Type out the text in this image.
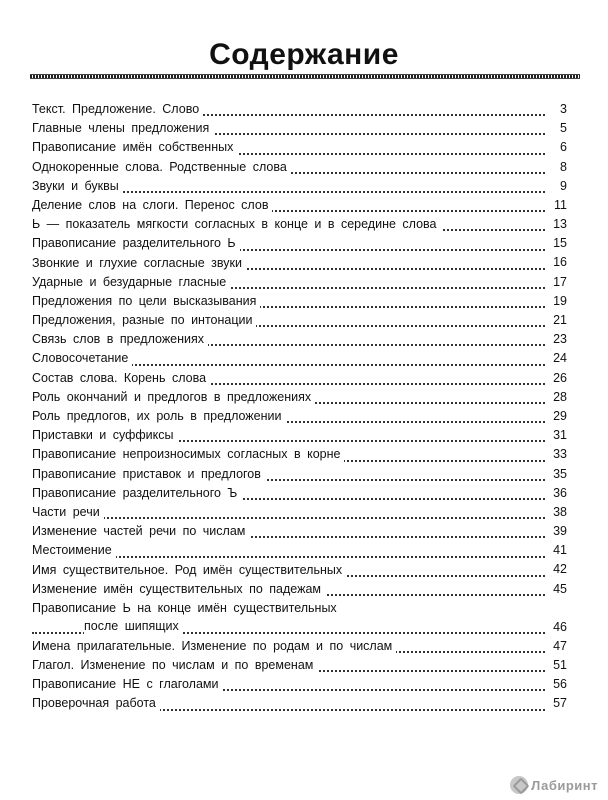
Содержание
Текст. Предложение. Слово	3
Главные члены предложения	5
Правописание имён собственных	6
Однокоренные слова. Родственные слова	8
Звуки и буквы	9
Деление слов на слоги. Перенос слов	11
Ь — показатель мягкости согласных в конце и в середине слова	13
Правописание разделительного Ь	15
Звонкие и глухие согласные звуки	16
Ударные и безударные гласные	17
Предложения по цели высказывания	19
Предложения, разные по интонации	21
Связь слов в предложениях	23
Словосочетание	24
Состав слова. Корень слова	26
Роль окончаний и предлогов в предложениях	28
Роль предлогов, их роль в предложении	29
Приставки и суффиксы	31
Правописание непроизносимых согласных в корне	33
Правописание приставок и предлогов	35
Правописание разделительного Ъ	36
Части речи	38
Изменение частей речи по числам	39
Местоимение	41
Имя существительное. Род имён существительных	42
Изменение имён существительных по падежам	45
Правописание Ь на конце имён существительных
после шипящих	46
Имена прилагательные. Изменение по родам и по числам	47
Глагол. Изменение по числам и по временам	51
Правописание НЕ с глаголами	56
Проверочная работа	57
Лабиринт
